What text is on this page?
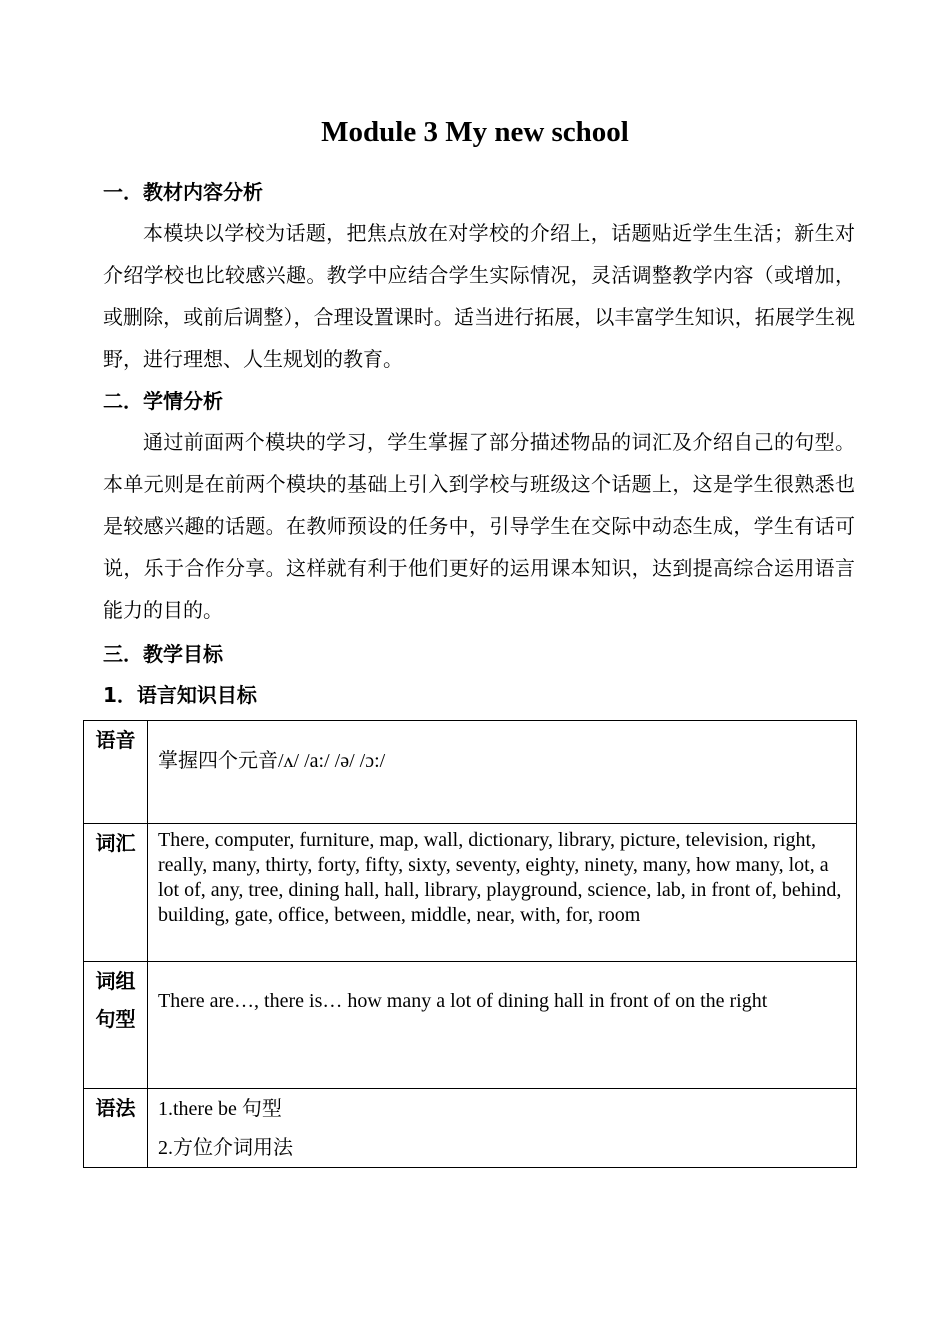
Module 3 My new school
一．教材内容分析
本模块以学校为话题，把焦点放在对学校的介绍上，话题贴近学生生活；新生对介绍学校也比较感兴趣。教学中应结合学生实际情况，灵活调整教学内容（或增加，或删除，或前后调整），合理设置课时。适当进行拓展，以丰富学生知识，拓展学生视野，进行理想、人生规划的教育。
二．学情分析
通过前面两个模块的学习，学生掌握了部分描述物品的词汇及介绍自己的句型。本单元则是在前两个模块的基础上引入到学校与班级这个话题上，这是学生很熟悉也是较感兴趣的话题。在教师预设的任务中，引导学生在交际中动态生成，学生有话可说，乐于合作分享。这样就有利于他们更好的运用课本知识，达到提高综合运用语言能力的目的。
三．教学目标
1．语言知识目标
语音	掌握四个元音/ʌ/ /a:/ /ə/ /ɔ:/

词汇	There, computer, furniture, map, wall, dictionary, library, picture, television, right, really, many, thirty, forty, fifty, sixty, seventy, eighty, ninety, many, how many, lot, a lot of, any, tree, dining hall, hall, library, playground, science, lab, in front of, behind, building, gate, office, between, middle, near, with, for, room

词组
句型	There are…, there is… how many a lot of dining hall in front of on the right

语法	1.there be 句型
2.方位介词用法
